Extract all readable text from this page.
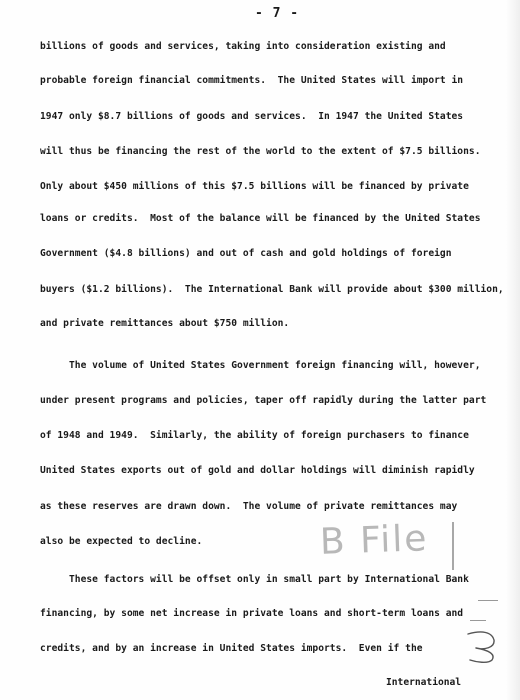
- 7 -
billions of goods and services, taking into consideration existing and
probable foreign financial commitments.  The United States will import in
1947 only $8.7 billions of goods and services.  In 1947 the United States
will thus be financing the rest of the world to the extent of $7.5 billions.
Only about $450 millions of this $7.5 billions will be financed by private
loans or credits.  Most of the balance will be financed by the United States
Government ($4.8 billions) and out of cash and gold holdings of foreign
buyers ($1.2 billions).  The International Bank will provide about $300 million,
and private remittances about $750 million.
The volume of United States Government foreign financing will, however,
under present programs and policies, taper off rapidly during the latter part
of 1948 and 1949.  Similarly, the ability of foreign purchasers to finance
United States exports out of gold and dollar holdings will diminish rapidly
as these reserves are drawn down.  The volume of private remittances may
also be expected to decline.
These factors will be offset only in small part by International Bank
financing, by some net increase in private loans and short-term loans and
credits, and by an increase in United States imports.  Even if the
B File
International
